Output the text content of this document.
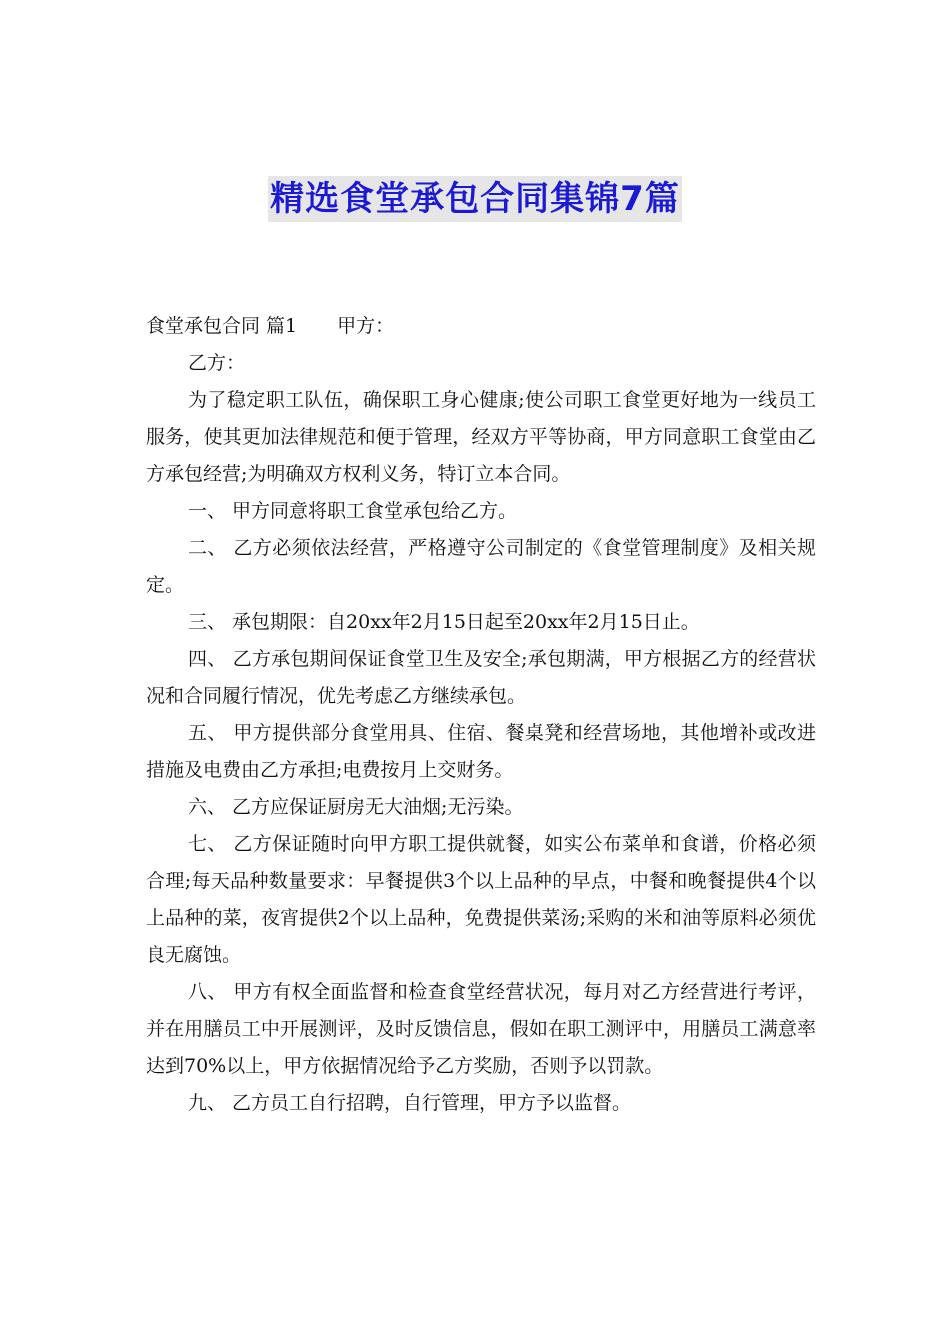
精选食堂承包合同集锦7篇

食堂承包合同 篇1 甲方：

乙方：

为了稳定职工队伍，确保职工身心健康;使公司职工食堂更好地为一线员工服务，使其更加法律规范和便于管理，经双方平等协商，甲方同意职工食堂由乙方承包经营;为明确双方权利义务，特订立本合同。

一、 甲方同意将职工食堂承包给乙方。

二、 乙方必须依法经营，严格遵守公司制定的《食堂管理制度》及相关规定。

三、 承包期限：自20xx年2月15日起至20xx年2月15日止。

四、 乙方承包期间保证食堂卫生及安全;承包期满，甲方根据乙方的经营状况和合同履行情况，优先考虑乙方继续承包。

五、 甲方提供部分食堂用具、住宿、餐桌凳和经营场地，其他增补或改进措施及电费由乙方承担;电费按月上交财务。

六、 乙方应保证厨房无大油烟;无污染。

七、 乙方保证随时向甲方职工提供就餐，如实公布菜单和食谱，价格必须合理;每天品种数量要求：早餐提供3个以上品种的早点，中餐和晚餐提供4个以上品种的菜，夜宵提供2个以上品种，免费提供菜汤;采购的米和油等原料必须优良无腐蚀。

八、 甲方有权全面监督和检查食堂经营状况，每月对乙方经营进行考评，并在用膳员工中开展测评，及时反馈信息，假如在职工测评中，用膳员工满意率达到70%以上，甲方依据情况给予乙方奖励，否则予以罚款。

九、 乙方员工自行招聘，自行管理，甲方予以监督。
